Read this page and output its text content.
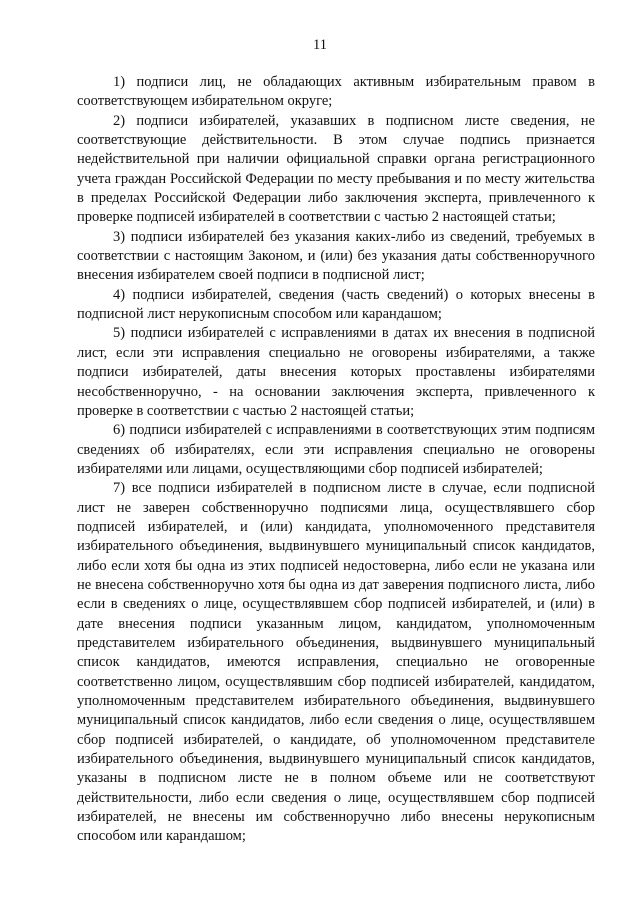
11

1) подписи лиц, не обладающих активным избирательным правом в соответствующем избирательном округе;

2) подписи избирателей, указавших в подписном листе сведения, не соответствующие действительности. В этом случае подпись признается недействительной при наличии официальной справки органа регистрационного учета граждан Российской Федерации по месту пребывания и по месту жительства в пределах Российской Федерации либо заключения эксперта, привлеченного к проверке подписей избирателей в соответствии с частью 2 настоящей статьи;

3) подписи избирателей без указания каких-либо из сведений, требуемых в соответствии с настоящим Законом, и (или) без указания даты собственноручного внесения избирателем своей подписи в подписной лист;

4) подписи избирателей, сведения (часть сведений) о которых внесены в подписной лист нерукописным способом или карандашом;

5) подписи избирателей с исправлениями в датах их внесения в подписной лист, если эти исправления специально не оговорены избирателями, а также подписи избирателей, даты внесения которых проставлены избирателями несобственноручно, - на основании заключения эксперта, привлеченного к проверке в соответствии с частью 2 настоящей статьи;

6) подписи избирателей с исправлениями в соответствующих этим подписям сведениях об избирателях, если эти исправления специально не оговорены избирателями или лицами, осуществляющими сбор подписей избирателей;

7) все подписи избирателей в подписном листе в случае, если подписной лист не заверен собственноручно подписями лица, осуществлявшего сбор подписей избирателей, и (или) кандидата, уполномоченного представителя избирательного объединения, выдвинувшего муниципальный список кандидатов, либо если хотя бы одна из этих подписей недостоверна, либо если не указана или не внесена собственноручно хотя бы одна из дат заверения подписного листа, либо если в сведениях о лице, осуществлявшем сбор подписей избирателей, и (или) в дате внесения подписи указанным лицом, кандидатом, уполномоченным представителем избирательного объединения, выдвинувшего муниципальный список кандидатов, имеются исправления, специально не оговоренные соответственно лицом, осуществлявшим сбор подписей избирателей, кандидатом, уполномоченным представителем избирательного объединения, выдвинувшего муниципальный список кандидатов, либо если сведения о лице, осуществлявшем сбор подписей избирателей, о кандидате, об уполномоченном представителе избирательного объединения, выдвинувшего муниципальный список кандидатов, указаны в подписном листе не в полном объеме или не соответствуют действительности, либо если сведения о лице, осуществлявшем сбор подписей избирателей, не внесены им собственноручно либо внесены нерукописным способом или карандашом;
